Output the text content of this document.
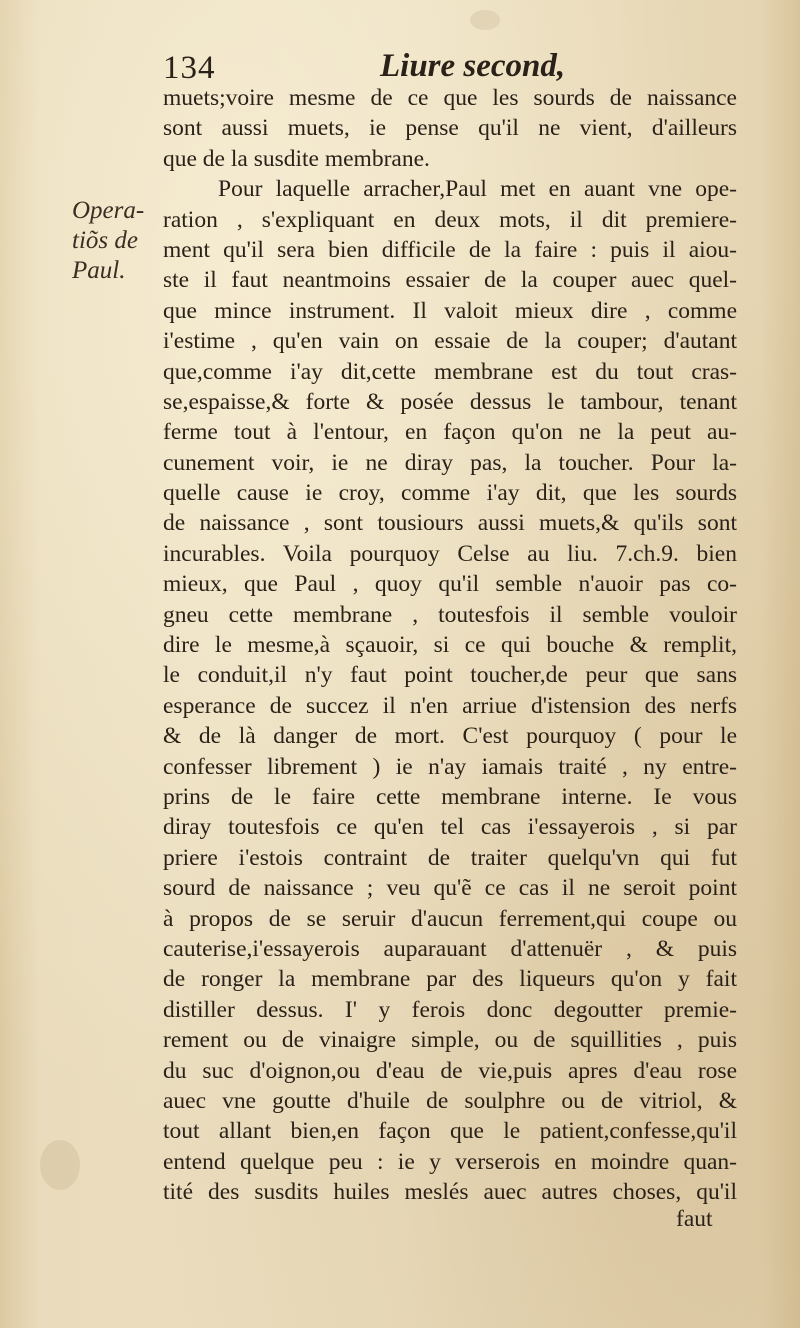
134	Liure second,
Opera-
tiõs de
Paul.
muets;voire mesme de ce que les sourds de naissance
sont aussi muets, ie pense qu'il ne vient, d'ailleurs
que de la susdite membrane.
Pour laquelle arracher,Paul met en auant vne ope-
ration , s'expliquant en deux mots, il dit premiere-
ment qu'il sera bien difficile de la faire : puis il aiou-
ste il faut neantmoins essaier de la couper auec quel-
que mince instrument. Il valoit mieux dire , comme
i'estime , qu'en vain on essaie de la couper; d'autant
que,comme i'ay dit,cette membrane est du tout cras-
se,espaisse,& forte & posée dessus le tambour, tenant
ferme tout à l'entour, en façon qu'on ne la peut au-
cunement voir, ie ne diray pas, la toucher. Pour la-
quelle cause ie croy, comme i'ay dit, que les sourds
de naissance , sont tousiours aussi muets,& qu'ils sont
incurables. Voila pourquoy Celse au liu. 7.ch.9. bien
mieux, que Paul , quoy qu'il semble n'auoir pas co-
gneu cette membrane , toutesfois il semble vouloir
dire le mesme,à sçauoir, si ce qui bouche & remplit,
le conduit,il n'y faut point toucher,de peur que sans
esperance de succez il n'en arriue d'istension des nerfs
& de là danger de mort. C'est pourquoy ( pour le
confesser librement ) ie n'ay iamais traité , ny entre-
prins de le faire cette membrane interne. Ie vous
diray toutesfois ce qu'en tel cas i'essayerois , si par
priere i'estois contraint de traiter quelqu'vn qui fut
sourd de naissance ; veu qu'ẽ ce cas il ne seroit point
à propos de se seruir d'aucun ferrement,qui coupe ou
cauterise,i'essayerois auparauant d'attenuër , & puis
de ronger la membrane par des liqueurs qu'on y fait
distiller dessus. I' y ferois donc degoutter premie-
rement ou de vinaigre simple, ou de squillities , puis
du suc d'oignon,ou d'eau de vie,puis apres d'eau rose
auec vne goutte d'huile de soulphre ou de vitriol, &
tout allant bien,en façon que le patient,confesse,qu'il
entend quelque peu : ie y verserois en moindre quan-
tité des susdits huiles meslés auec autres choses, qu'il
faut
